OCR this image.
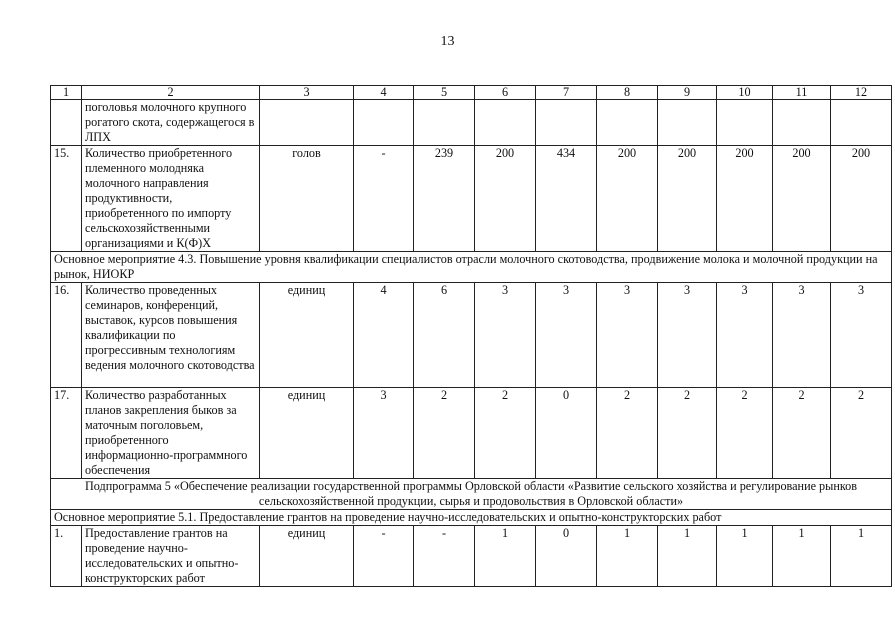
13
1	2	3	4	5	6	7	8	9	10	11	12
	поголовья молочного крупного рогатого скота, содержащегося в ЛПХ										
15.	Количество приобретенного племенного молодняка молочного направления продуктивности, приобретенного по импорту сельскохозяйственными организациями и К(Ф)Х	голов	-	239	200	434	200	200	200	200	200
Основное мероприятие 4.3. Повышение уровня квалификации специалистов отрасли молочного скотоводства, продвижение молока и молочной продукции на рынок, НИОКР											
16.	Количество проведенных семинаров, конференций, выставок, курсов повышения квалификации по прогрессивным технологиям ведения молочного скотоводства	единиц	4	6	3	3	3	3	3	3	3
17.	Количество разработанных планов закрепления быков за маточным поголовьем, приобретенного информационно-программного обеспечения	единиц	3	2	2	0	2	2	2	2	2
Подпрограмма 5 «Обеспечение реализации государственной программы Орловской области «Развитие сельского хозяйства и регулирование рынков сельскохозяйственной продукции, сырья и продовольствия в Орловской области»											
Основное мероприятие 5.1. Предоставление грантов на проведение научно-исследовательских и опытно-конструкторских работ											
1.	Предоставление грантов на проведение научно-исследовательских и опытно-конструкторских работ	единиц	-	-	1	0	1	1	1	1	1
